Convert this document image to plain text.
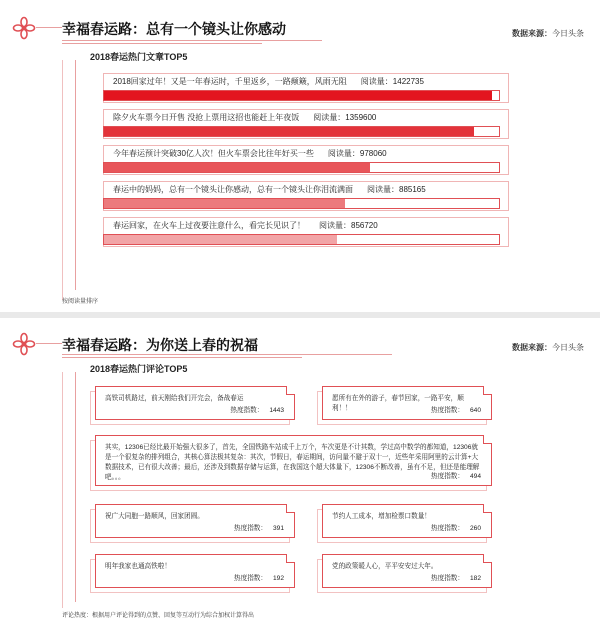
幸福春运路：总有一个镜头让你感动	数据来源：今日头条
2018春运热门文章TOP5
2018回家过年！又是一年春运时，千里返乡，一路颠簸，风雨无阻 阅读量：1422735
除夕火车票今日开售 没抢上票用这招也能赶上年夜饭 阅读量：1359600
今年春运预计突破30亿人次！但火车票会比往年好买一些 阅读量：978060
春运中的妈妈，总有一个镜头让你感动，总有一个镜头让你泪流满面 阅读量：885165
春运回家，在火车上过夜要注意什么，看完长见识了！ 阅读量：856720
按阅读量排序
幸福春运路：为你送上春的祝福	数据来源：今日头条
2018春运热门评论TOP5
高铁司机路过，前天刚给我们开完会，备战春运
热度指数： 1443
愿所有在外的游子，春节回家，一路平安，顺利！！	热度指数： 640
其实，12306已经比最开始强大很多了，首先，全国铁路车站成千上万个，车次更是不计其数，学过高中数学的都知道，12306就是一个很复杂的排列组合，其核心算法极其复杂：其次，节假日，春运期间，访问量不避于双十一，近些年采用阿里的云计算+大数据技术，已有很大改善；最后，还涉及到数据存储与运算，在我国这个超大体量下，12306不断改善，虽有不足，但还是能理解吧。。。	热度指数： 494
祝广大同胞一路顺风，回家团圆。
热度指数： 391
节约人工成本，增加检票口数量！
热度指数： 260
明年我家也通高铁啦！
热度指数： 192
党的政策暖人心，平平安安过大年。
热度指数： 182
评论热度：根据用户评论得到的点赞、回复等互动行为综合加权计算得出
